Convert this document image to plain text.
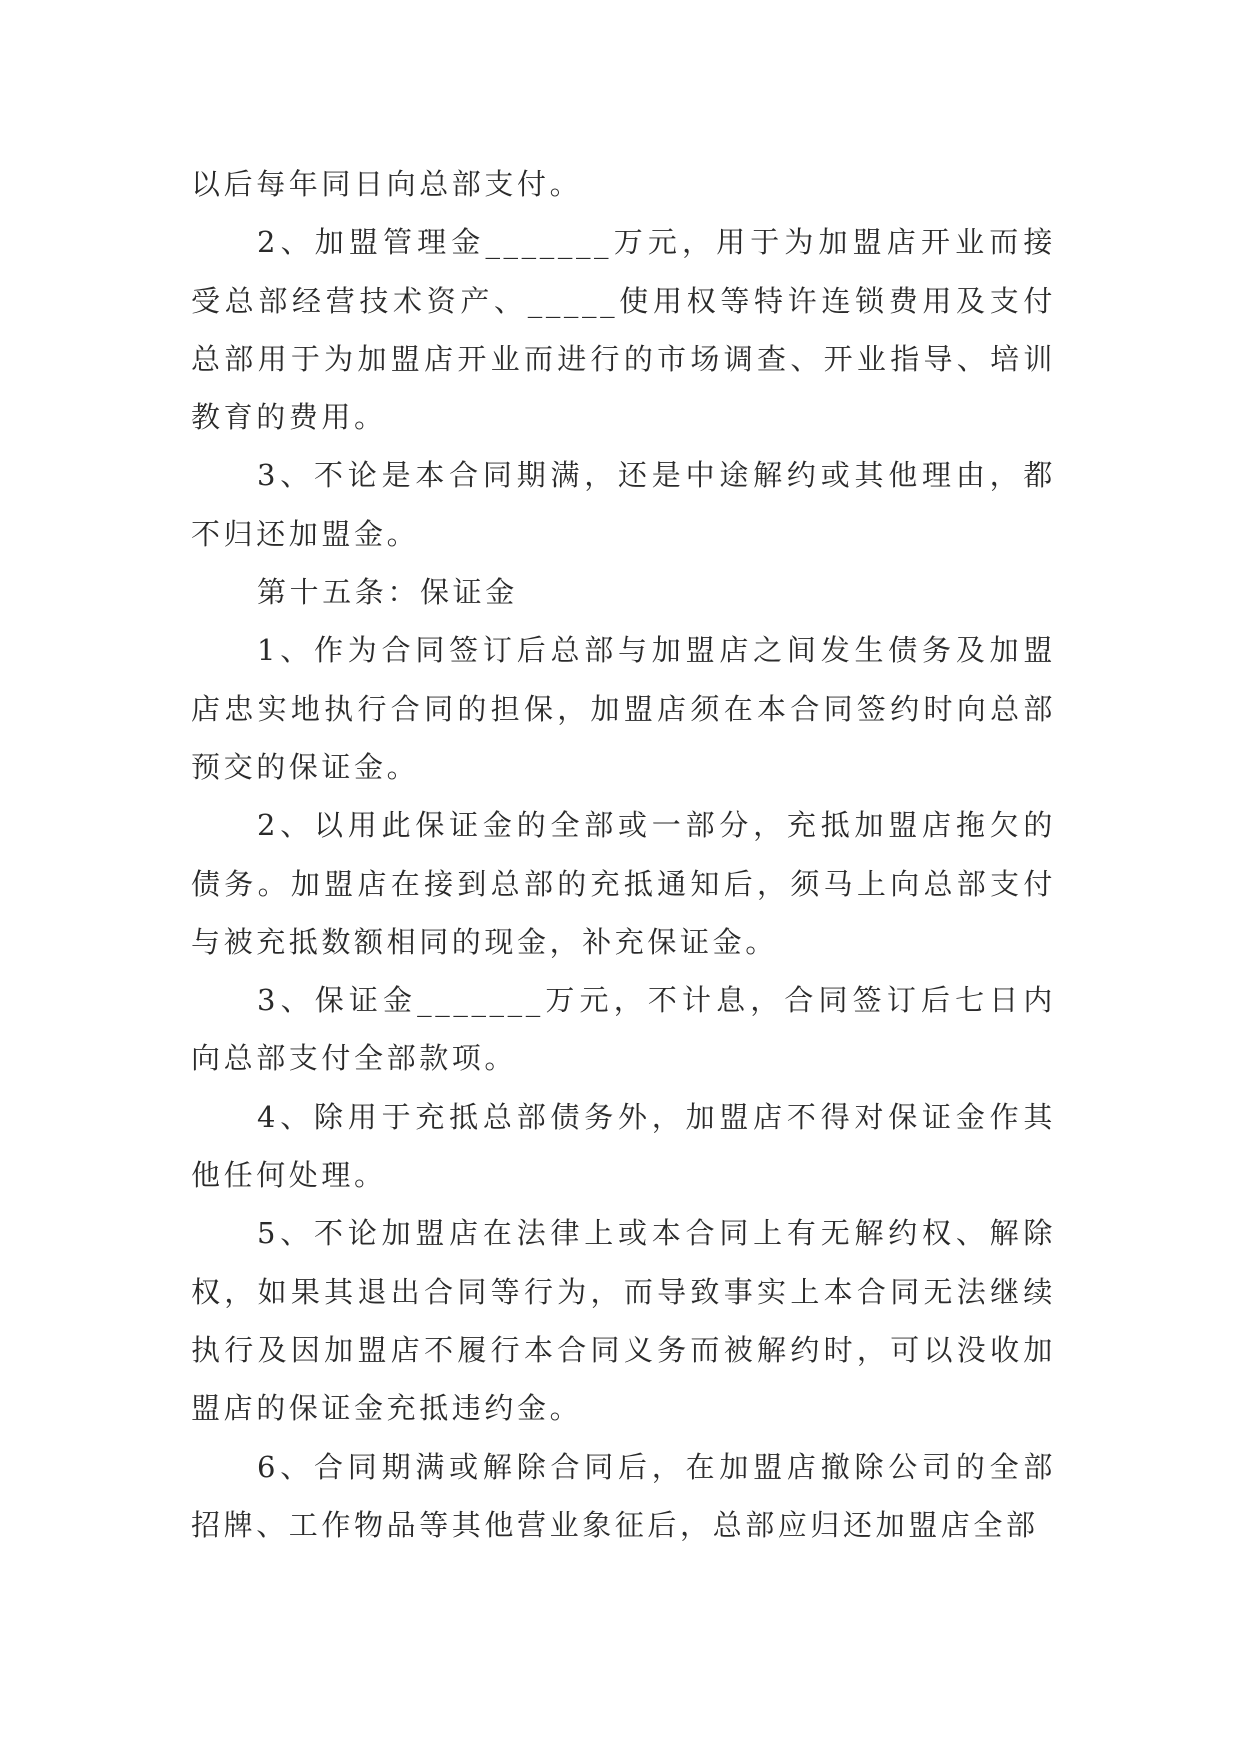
以后每年同日向总部支付。

2、加盟管理金_______万元，用于为加盟店开业而接受总部经营技术资产、_____使用权等特许连锁费用及支付总部用于为加盟店开业而进行的市场调查、开业指导、培训教育的费用。

3、不论是本合同期满，还是中途解约或其他理由，都不归还加盟金。

第十五条：保证金

1、作为合同签订后总部与加盟店之间发生债务及加盟店忠实地执行合同的担保，加盟店须在本合同签约时向总部预交的保证金。

2、以用此保证金的全部或一部分，充抵加盟店拖欠的债务。加盟店在接到总部的充抵通知后，须马上向总部支付与被充抵数额相同的现金，补充保证金。

3、保证金_______万元，不计息，合同签订后七日内向总部支付全部款项。

4、除用于充抵总部债务外，加盟店不得对保证金作其他任何处理。

5、不论加盟店在法律上或本合同上有无解约权、解除权，如果其退出合同等行为，而导致事实上本合同无法继续执行及因加盟店不履行本合同义务而被解约时，可以没收加盟店的保证金充抵违约金。

6、合同期满或解除合同后，在加盟店撤除公司的全部招牌、工作物品等其他营业象征后，总部应归还加盟店全部
